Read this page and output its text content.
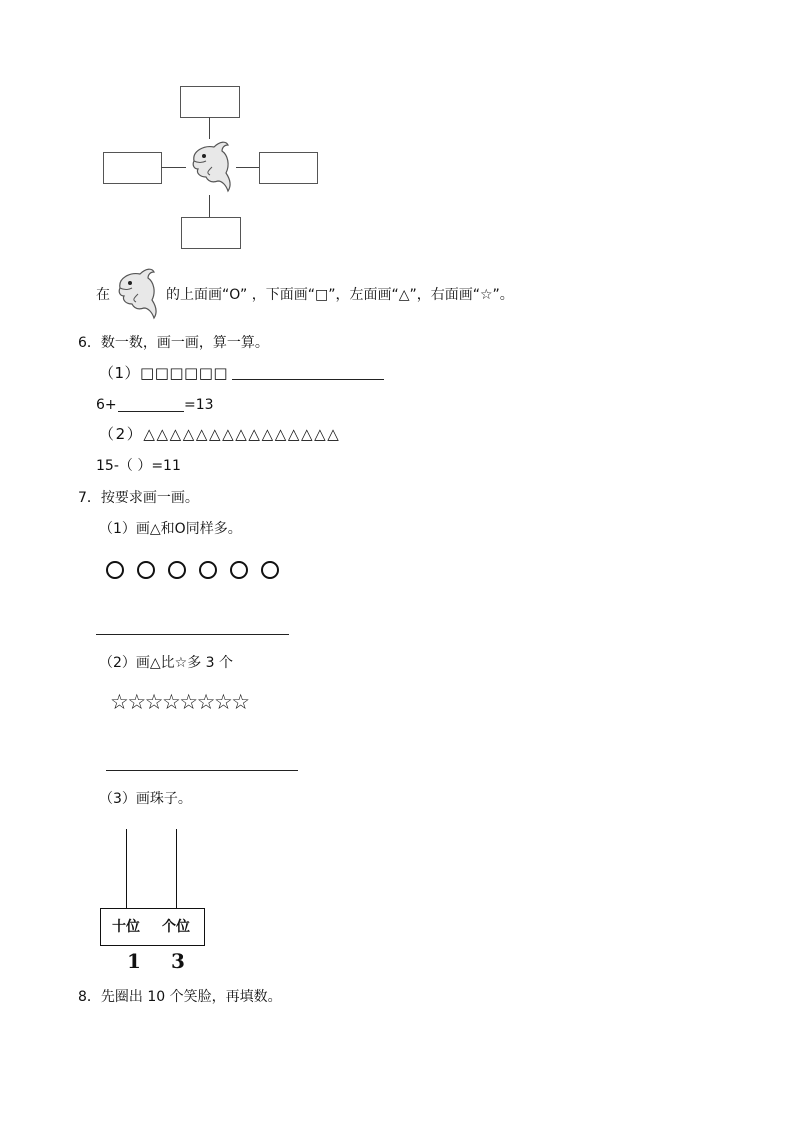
在	的上面画“O” ，下面画“□”，左面画“△”，右面画“☆”。
6．数一数，画一画，算一算。
（1）□□□□□□
6+	=13
（2）△△△△△△△△△△△△△△△
15-（ ）=11
7．按要求画一画。
（1）画△和O同样多。
（2）画△比☆多 3 个
☆☆☆☆☆☆☆☆
（3）画珠子。
十位 个位
1 3
8．先圈出 10 个笑脸，再填数。
